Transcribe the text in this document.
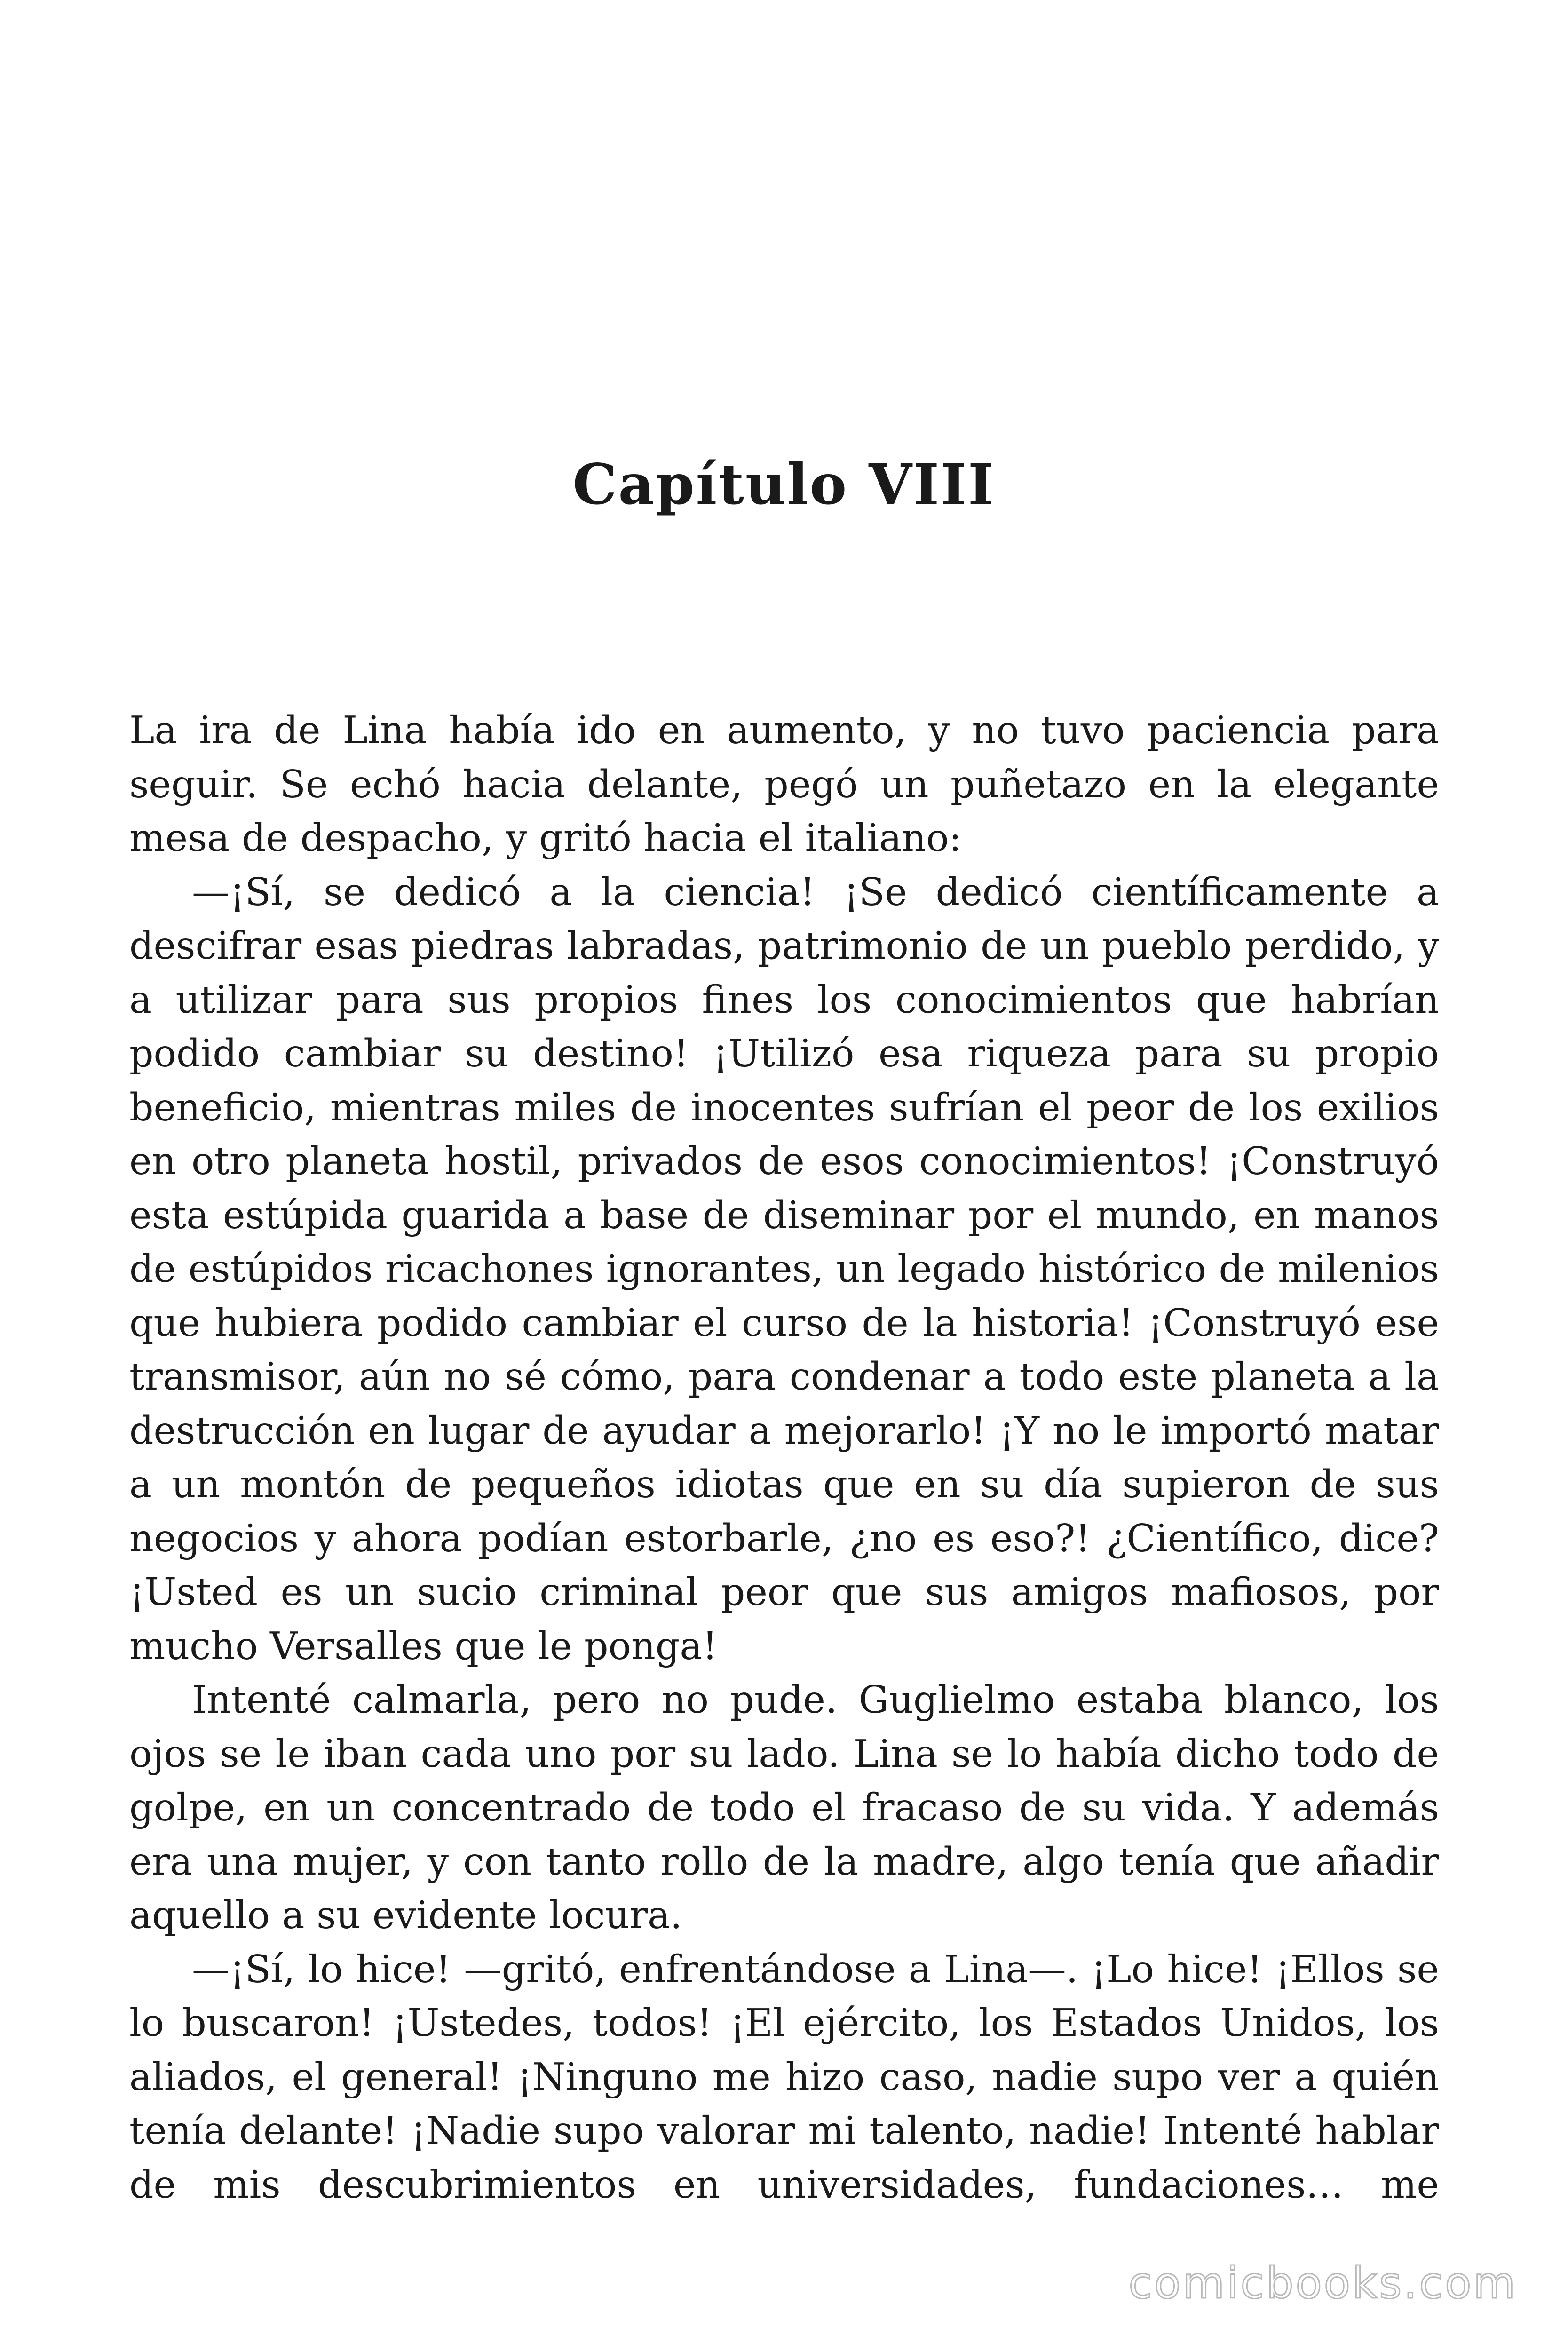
Capítulo VIII

La ira de Lina había ido en aumento, y no tuvo paciencia para seguir. Se echó hacia delante, pegó un puñetazo en la elegante mesa de despacho, y gritó hacia el italiano:

—¡Sí, se dedicó a la ciencia! ¡Se dedicó científicamente a descifrar esas piedras labradas, patrimonio de un pueblo perdido, y a utilizar para sus propios fines los conocimientos que habrían podido cambiar su destino! ¡Utilizó esa riqueza para su propio beneficio, mientras miles de inocentes sufrían el peor de los exilios en otro planeta hostil, privados de esos conocimientos! ¡Construyó esta estúpida guarida a base de diseminar por el mundo, en manos de estúpidos ricachones ignorantes, un legado histórico de milenios que hubiera podido cambiar el curso de la historia! ¡Construyó ese transmisor, aún no sé cómo, para condenar a todo este planeta a la destrucción en lugar de ayudar a mejorarlo! ¡Y no le importó matar a un montón de pequeños idiotas que en su día supieron de sus negocios y ahora podían estorbarle, ¿no es eso?! ¿Científico, dice? ¡Usted es un sucio criminal peor que sus amigos mafiosos, por mucho Versalles que le ponga!

Intenté calmarla, pero no pude. Guglielmo estaba blanco, los ojos se le iban cada uno por su lado. Lina se lo había dicho todo de golpe, en un concentrado de todo el fracaso de su vida. Y además era una mujer, y con tanto rollo de la madre, algo tenía que añadir aquello a su evidente locura.

—¡Sí, lo hice! —gritó, enfrentándose a Lina—. ¡Lo hice! ¡Ellos se lo buscaron! ¡Ustedes, todos! ¡El ejército, los Estados Unidos, los aliados, el general! ¡Ninguno me hizo caso, nadie supo ver a quién tenía delante! ¡Nadie supo valorar mi talento, nadie! Intenté hablar de mis descubrimientos en universidades, fundaciones… me

comicbooks.com
